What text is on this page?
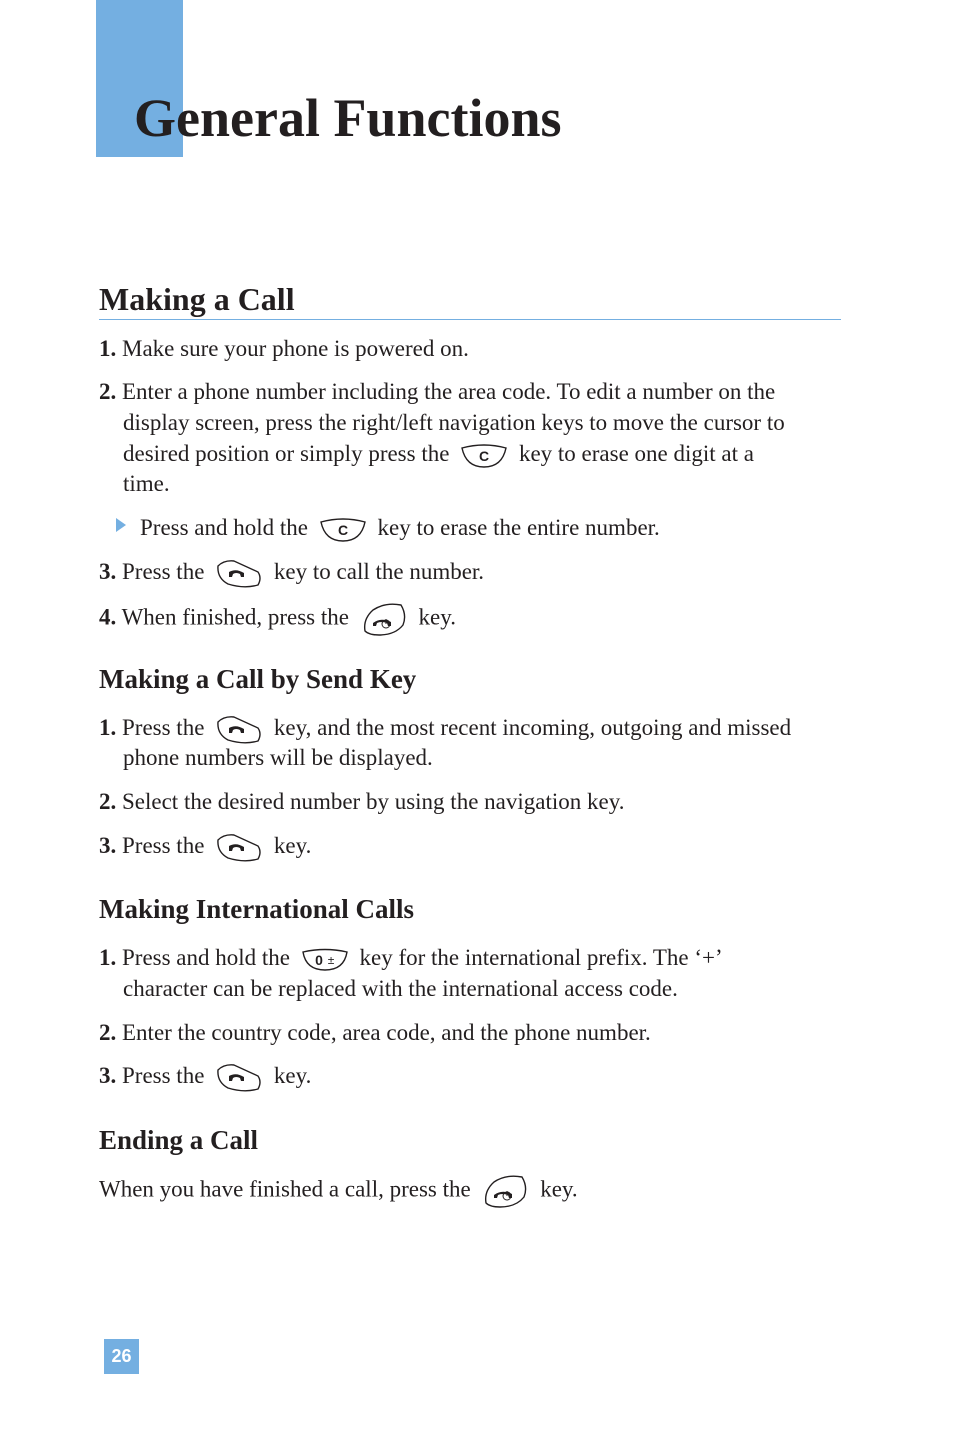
General Functions
Making a Call
1. Make sure your phone is powered on.
2. Enter a phone number including the area code. To edit a number on the
display screen, press the right/left navigation keys to move the cursor to
desired position or simply press the C key to erase one digit at a
time.
Press and hold the C key to erase the entire number.
3. Press the	key to call the number.
4. When finished, press the	key.
Making a Call by Send Key
1. Press the	key, and the most recent incoming, outgoing and missed
phone numbers will be displayed.
2. Select the desired number by using the navigation key.
3. Press the	key.
Making International Calls
1. Press and hold the 0 ± key for the international prefix. The ‘+’
character can be replaced with the international access code.
2. Enter the country code, area code, and the phone number.
3. Press the	key.
Ending a Call
When you have finished a call, press the	key.
26
